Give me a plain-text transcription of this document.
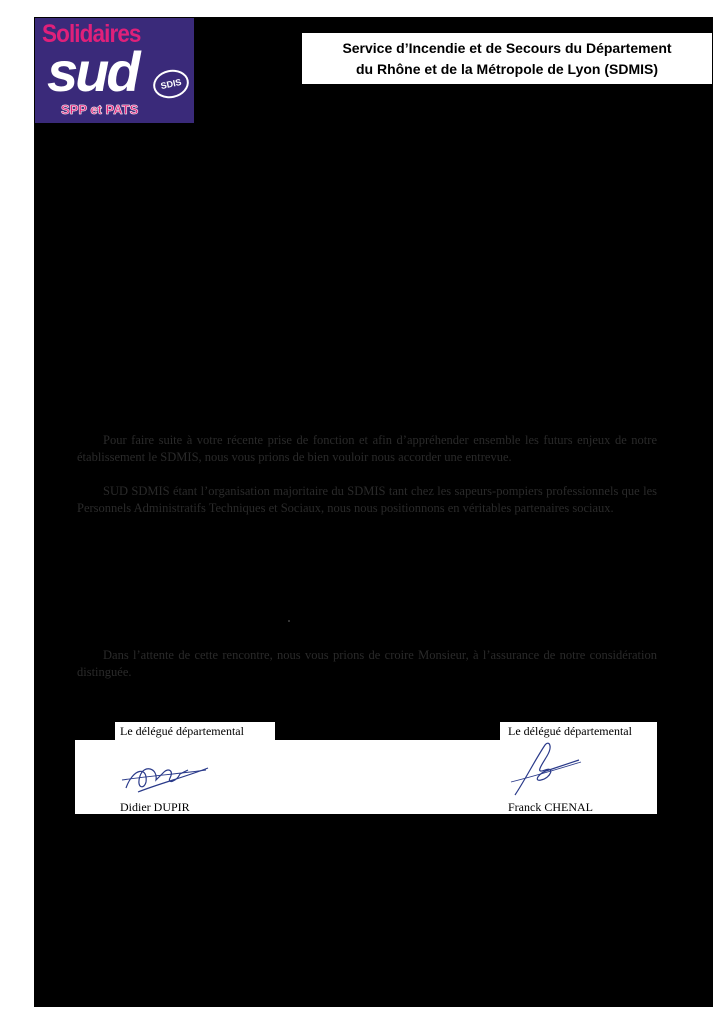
Solidaires
sud	SDIS
SPP et PATS
Service d’Incendie et de Secours du Département
du Rhône et de la Métropole de Lyon (SDMIS)
Pour faire suite à votre récente prise de fonction et afin d’appréhender ensemble les futurs enjeux de notre établissement le SDMIS, nous vous prions de bien vouloir nous accorder une entrevue.
SUD SDMIS étant l’organisation majoritaire du SDMIS tant chez les sapeurs-pompiers professionnels que les Personnels Administratifs Techniques et Sociaux, nous nous positionnons en véritables partenaires sociaux.
Dans l’attente de cette rencontre, nous vous prions de croire Monsieur, à l’assurance de notre considération distinguée.
Le délégué départemental	Le délégué départemental
Didier DUPIR	Franck CHENAL
